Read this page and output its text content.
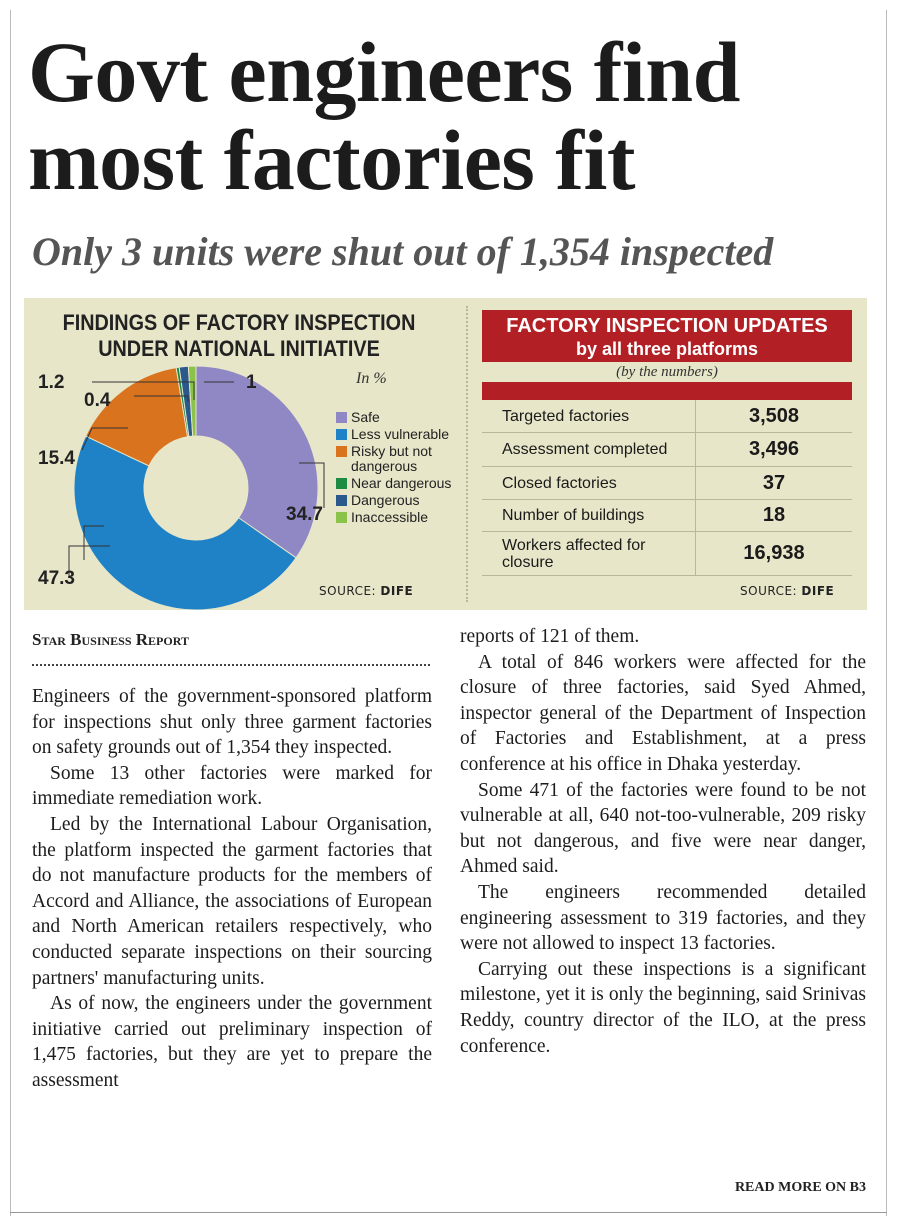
Govt engineers find
most factories fit
Only 3 units were shut out of 1,354 inspected
FINDINGS OF FACTORY INSPECTION UNDER NATIONAL INITIATIVE
In %
Safe
Less vulnerable
Risky but not
dangerous
Near dangerous
Dangerous
Inaccessible
SOURCE: DIFE
FACTORY INSPECTION UPDATES
by all three platforms
(by the numbers)
Targeted factories	3,508
Assessment completed	3,496
Closed factories	37
Number of buildings	18
Workers affected for closure	16,938
SOURCE: DIFE
34.7
47.3
15.4
0.4
1.2	1
Star Business Report

Engineers of the government-sponsored platform for inspections shut only three garment factories on safety grounds out of 1,354 they inspected.

Some 13 other factories were marked for immediate remediation work.

Led by the International Labour Organisation, the platform inspected the garment factories that do not manufacture products for the members of Accord and Alliance, the associations of European and North American retailers respectively, who conducted separate inspections on their sourcing partners' manufacturing units.

As of now, the engineers under the government initiative carried out preliminary inspection of 1,475 factories, but they are yet to prepare the assessment

reports of 121 of them.

A total of 846 workers were affected for the closure of three factories, said Syed Ahmed, inspector general of the Department of Inspection of Factories and Establishment, at a press conference at his office in Dhaka yesterday.

Some 471 of the factories were found to be not vulnerable at all, 640 not-too-vulnerable, 209 risky but not dangerous, and five were near danger, Ahmed said.

The engineers recommended detailed engineering assessment to 319 factories, and they were not allowed to inspect 13 factories.

Carrying out these inspections is a significant milestone, yet it is only the beginning, said Srinivas Reddy, country director of the ILO, at the press conference.

READ MORE ON B3
